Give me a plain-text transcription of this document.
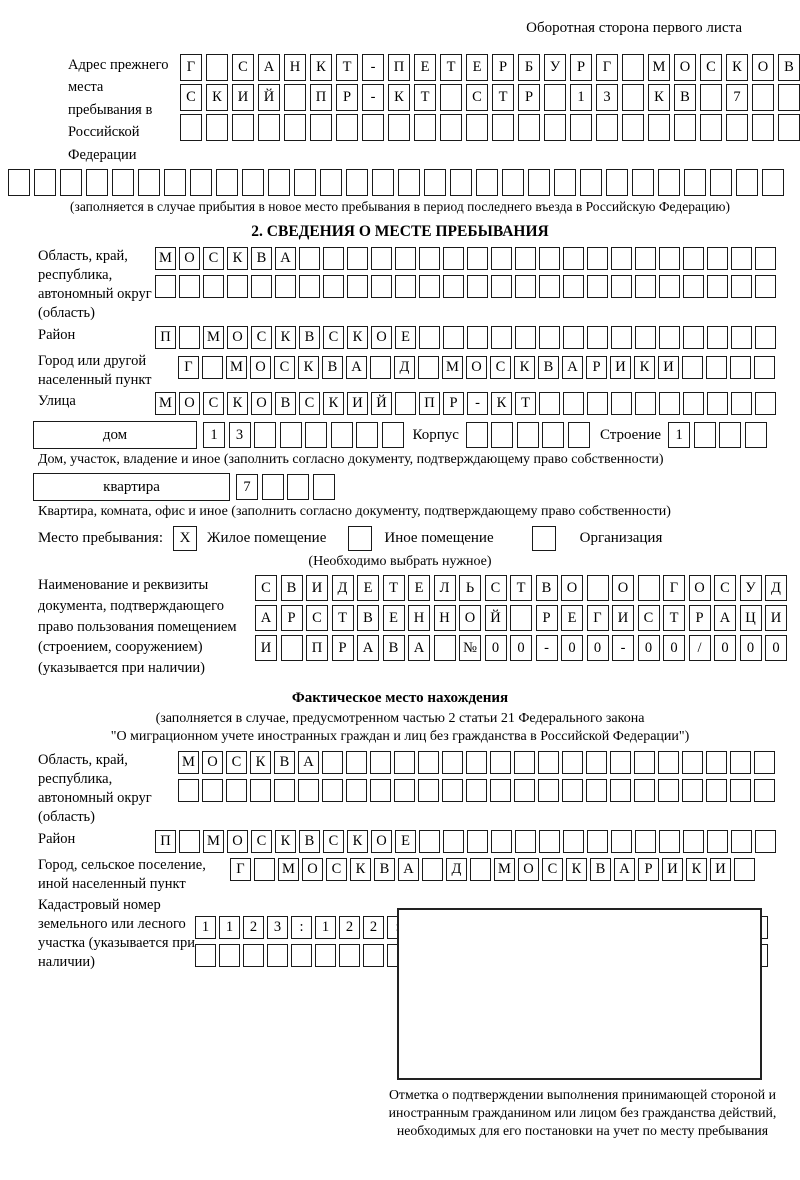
Оборотная сторона первого листа
Адрес прежнего места пребывания в Российской Федерации
Г	С	А	Н	К	Т	-	П	Е	Т	Е	Р	Б	У	Р	Г	М О	С	К	О	В
С	К	И	Й	П	Р	-	К	Т	С	Т	Р	1	3	К	В	7
(заполняется в случае прибытия в новое место пребывания в период последнего въезда в Российскую Федерацию)
2. СВЕДЕНИЯ О МЕСТЕ ПРЕБЫВАНИЯ
Область, край, республика, автономный округ (область)
М О С К В А
Район	П	М О С К В С К О Е
Город или другой населенный пункт
Г	М О С К В А	Д	М О С К В А	Р	И К И
Улица	М О С К О В С К И Й	П	Р	-	К	Т
дом	1	3	Корпус	Строение 1
Дом, участок, владение и иное (заполнить согласно документу, подтверждающему право собственности)
квартира	7
Квартира, комната, офис и иное (заполнить согласно документу, подтверждающему право собственности)
Место пребывания:	X	Жилое помещение	Иное помещение	Организация
(Необходимо выбрать нужное)
Наименование и реквизиты документа, подтверждающего право пользования помещением (строением, сооружением) (указывается при наличии)
С	В	И	Д	Е	Т	Е	Л	Ь	С	Т	В	О	О	Г	О	С	У	Д
А	Р	С	Т	В	Е	Н	Н	О	Й	Р	Е	Г	И	С	Т	Р	А	Ц	И
И	П	Р	А	В	А	№	0	0	-	0	0	-	0	0	/	0	0	0
Фактическое место нахождения
(заполняется в случае, предусмотренном частью 2 статьи 21 Федерального закона
"О миграционном учете иностранных граждан и лиц без гражданства в Российской Федерации")
Область, край, республика, автономный округ (область)
М О С К В А
Район	П	М О С К В С К О Е
Город, сельское поселение, иной населенный пункт
Г	М О С К В А	Д	М О С К В А	Р	И К И
Кадастровый номер земельного или лесного участка (указывается при наличии)
1	1	2	3	:	1	2	2
Отметка о подтверждении выполнения принимающей стороной и иностранным гражданином или лицом без гражданства действий, необходимых для его постановки на учет по месту пребывания
